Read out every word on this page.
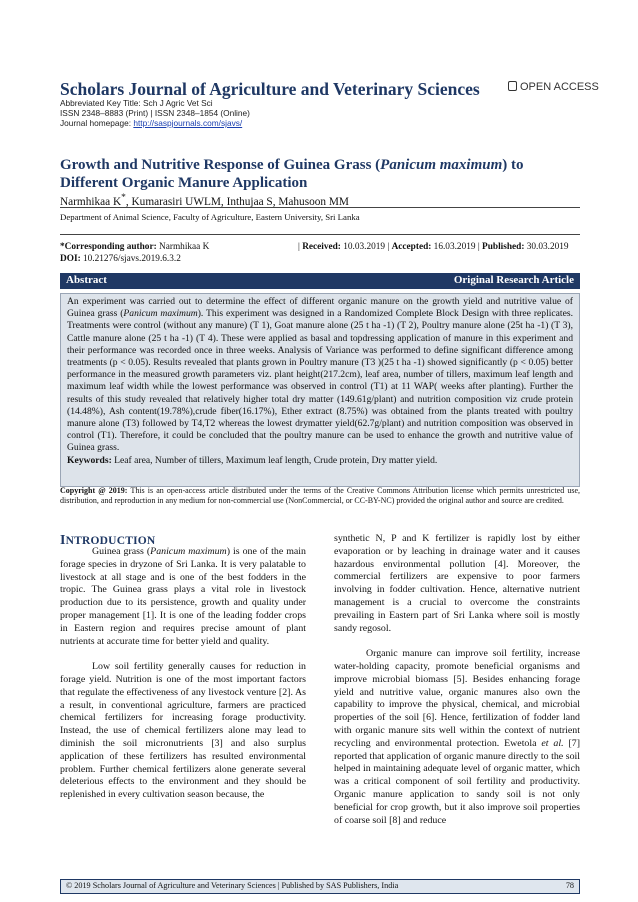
Scholars Journal of Agriculture and Veterinary Sciences	OPEN ACCESS
Abbreviated Key Title: Sch J Agric Vet Sci
ISSN 2348–8883 (Print) | ISSN 2348–1854 (Online)
Journal homepage: http://saspjournals.com/sjavs/
Growth and Nutritive Response of Guinea Grass (Panicum maximum) to Different Organic Manure Application
Narmhikaa K*, Kumarasiri UWLM, Inthujaa S, Mahusoon MM
Department of Animal Science, Faculty of Agriculture, Eastern University, Sri Lanka
*Corresponding author: Narmhikaa K	| Received: 10.03.2019 | Accepted: 16.03.2019 | Published: 30.03.2019
DOI: 10.21276/sjavs.2019.6.3.2
Abstract	Original Research Article

An experiment was carried out to determine the effect of different organic manure on the growth yield and nutritive value of Guinea grass (Panicum maximum). This experiment was designed in a Randomized Complete Block Design with three replicates. Treatments were control (without any manure) (T 1), Goat manure alone (25 t ha -1) (T 2), Poultry manure alone (25t ha -1) (T 3), Cattle manure alone (25 t ha -1) (T 4). These were applied as basal and topdressing application of manure in this experiment and their performance was recorded once in three weeks. Analysis of Variance was performed to define significant difference among treatments (p < 0.05). Results revealed that plants grown in Poultry manure (T3 )(25 t ha -1) showed significantly (p < 0.05) better performance in the measured growth parameters viz. plant height(217.2cm), leaf area, number of tillers, maximum leaf length and maximum leaf width while the lowest performance was observed in control (T1) at 11 WAP( weeks after planting). Further the results of this study revealed that relatively higher total dry matter (149.61g/plant) and nutrition composition viz crude protein (14.48%), Ash content(19.78%),crude fiber(16.17%), Ether extract (8.75%) was obtained from the plants treated with poultry manure alone (T3) followed by T4,T2 whereas the lowest drymatter yield(62.7g/plant) and nutrition composition was observed in control (T1). Therefore, it could be concluded that the poultry manure can be used to enhance the growth and nutritive value of Guinea grass.

Keywords: Leaf area, Number of tillers, Maximum leaf length, Crude protein, Dry matter yield.

Copyright @ 2019: This is an open-access article distributed under the terms of the Creative Commons Attribution license which permits unrestricted use, distribution, and reproduction in any medium for non-commercial use (NonCommercial, or CC-BY-NC) provided the original author and source are credited.
INTRODUCTION

Guinea grass (Panicum maximum) is one of the main forage species in dryzone of Sri Lanka. It is very palatable to livestock at all stage and is one of the best fodders in the tropic. The Guinea grass plays a vital role in livestock production due to its persistence, growth and quality under proper management [1]. It is one of the leading fodder crops in Eastern region and requires precise amount of plant nutrients at accurate time for better yield and quality.

Low soil fertility generally causes for reduction in forage yield. Nutrition is one of the most important factors that regulate the effectiveness of any livestock venture [2]. As a result, in conventional agriculture, farmers are practiced chemical fertilizers for increasing forage productivity. Instead, the use of chemical fertilizers alone may lead to diminish the soil micronutrients [3] and also surplus application of these fertilizers has resulted environmental problem. Further chemical fertilizers alone generate several deleterious effects to the environment and they should be replenished in every cultivation season because, the

synthetic N, P and K fertilizer is rapidly lost by either evaporation or by leaching in drainage water and it causes hazardous environmental pollution [4]. Moreover, the commercial fertilizers are expensive to poor farmers involving in fodder cultivation. Hence, alternative nutrient management is a crucial to overcome the constraints prevailing in Eastern part of Sri Lanka where soil is mostly sandy regosol.

Organic manure can improve soil fertility, increase water-holding capacity, promote beneficial organisms and improve microbial biomass [5]. Besides enhancing forage yield and nutritive value, organic manures also own the capability to improve the physical, chemical, and microbial properties of the soil [6]. Hence, fertilization of fodder land with organic manure sits well within the context of nutrient recycling and environmental protection. Ewetola et al. [7] reported that application of organic manure directly to the soil helped in maintaining adequate level of organic matter, which was a critical component of soil fertility and productivity. Organic manure application to sandy soil is not only beneficial for crop growth, but it also improve soil properties of coarse soil [8] and reduce

© 2019 Scholars Journal of Agriculture and Veterinary Sciences | Published by SAS Publishers, India	78
